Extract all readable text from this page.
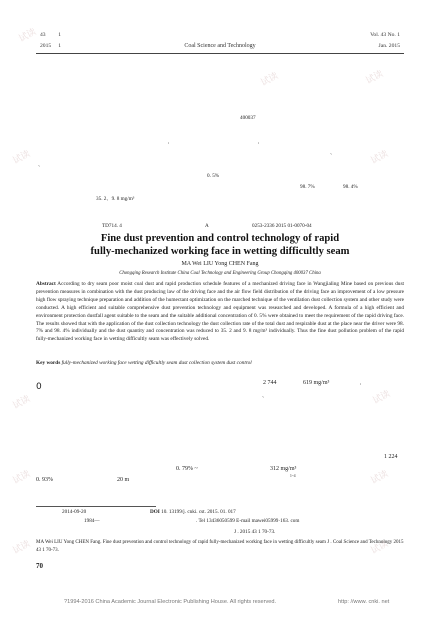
试读
试读	试读
试读	试读
试读	试读
试读	试读
试读	试读
43 1
2015 1	Coal Science and Technology
Vol. 43 No. 1
Jan. 2015
400037
,	,
、
、
0. 5%
98. 7%	98. 4%
35. 2、9. 8 mg/m³
TD714. 4	A	0253-2336 2015 01-0070-04
Fine dust prevention and control technology of rapid
fully-mechanized working face in wetting difficultly seam
MA Wei LIU Yong CHEN Fang
Chongqing Research Institute China Coal Technology and Engineering Group Chongqing 400037 China
Abstract According to dry seam poor moist coal dust and rapid production schedule features of a mechanized driving face in Wangjialing Mine based on previous dust prevention measures in combination with the dust producing law of the driving face and the air flow field distribution of the driving face an improvement of a low pressure high flow spraying technique preparation and addition of the humectant optimization on the marched technique of the ventilation dust collection system and other study were conducted. A high efficient and suitable comprehensive dust prevention technology and equipment was researched and developed. A formula of a high efficient and environment protection dustfall agent suitable to the seam and the suitable additional concentration of 0. 5% were obtained to meet the requirement of the rapid driving face. The results showed that with the application of the dust collection technology the dust collection rate of the total dust and respirable dust at the place near the driver were 98. 7% and 98. 4% individually and the dust quantity and concentration was reduced to 35. 2 and 9. 8 mg/m³ individually. Thus the fine dust pollution problem of the rapid fully-mechanized working face in wetting difficultly seam was effectively solved.
Key words fully-mechanized working face wetting difficultly seam dust collection system dust control
0	2 744	619 mg/m³	,
、
1 224
0. 79% ~	312 mg/m³
1~4
0. 93%	20 m
2014-09-20	DOI 10. 13199/j. cnki. cst. 2015. 01. 017
1984—	. Tel 13436050599 E-mail mawei05999·163. com
J . 2015 43 1 70-73.
MA Wei LIU Yong CHEN Fang. Fine dust prevention and control technology of rapid fully-mechanized working face in wetting difficultly seam J . Coal Science and Technology 2015 43 1 70-73.
70
?1994-2016 China Academic Journal Electronic Publishing House. All rights reserved.	http: //www. cnki. net
